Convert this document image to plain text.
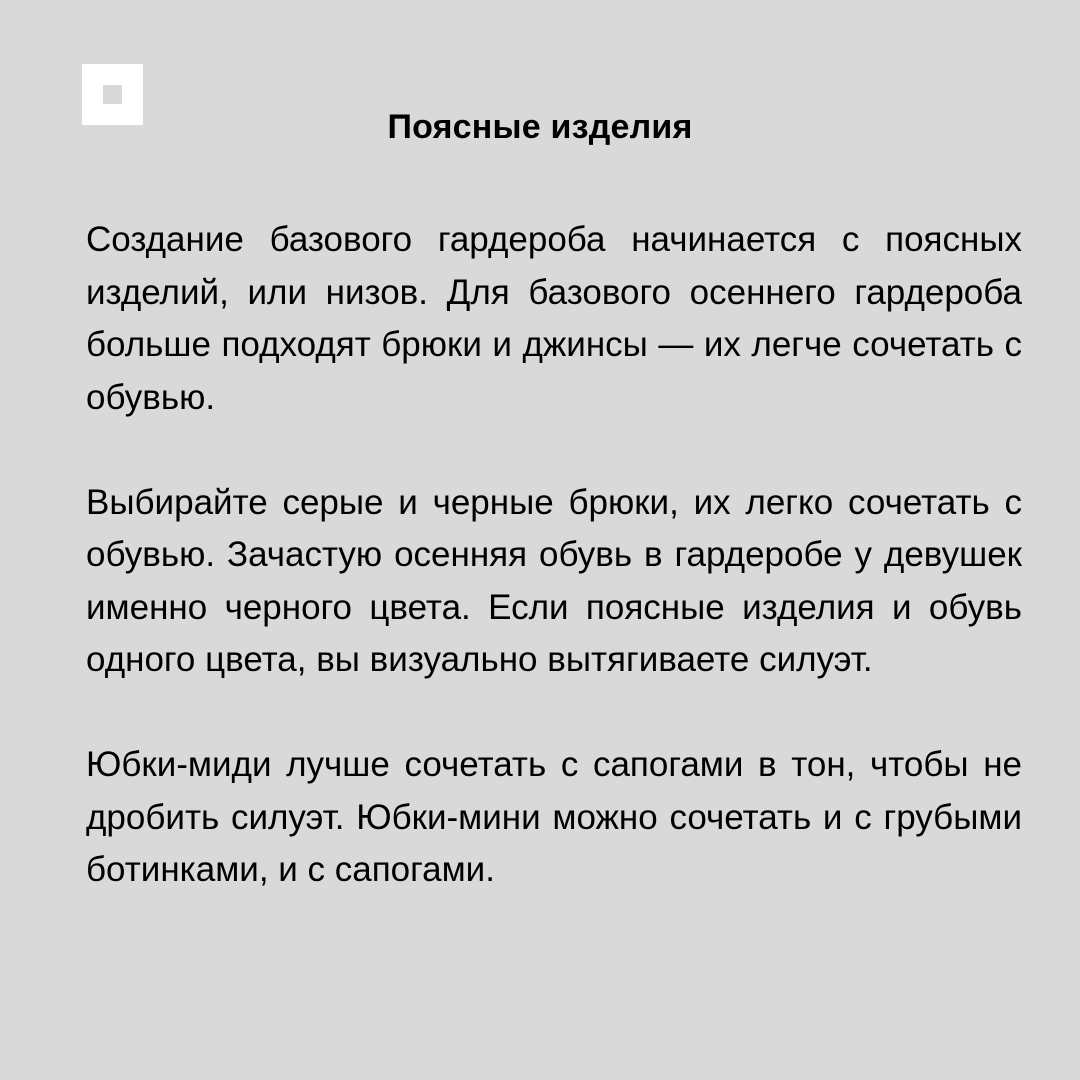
Поясные изделия

Создание базового гардероба начинается с поясных изделий, или низов. Для базового осеннего гардероба больше подходят брюки и джинсы — их легче сочетать с обувью.

Выбирайте серые и черные брюки, их легко сочетать с обувью. Зачастую осенняя обувь в гардеробе у девушек именно черного цвета. Если поясные изделия и обувь одного цвета, вы визуально вытягиваете силуэт.

Юбки-миди лучше сочетать с сапогами в тон, чтобы не дробить силуэт. Юбки-мини можно сочетать и с грубыми ботинками, и с сапогами.
